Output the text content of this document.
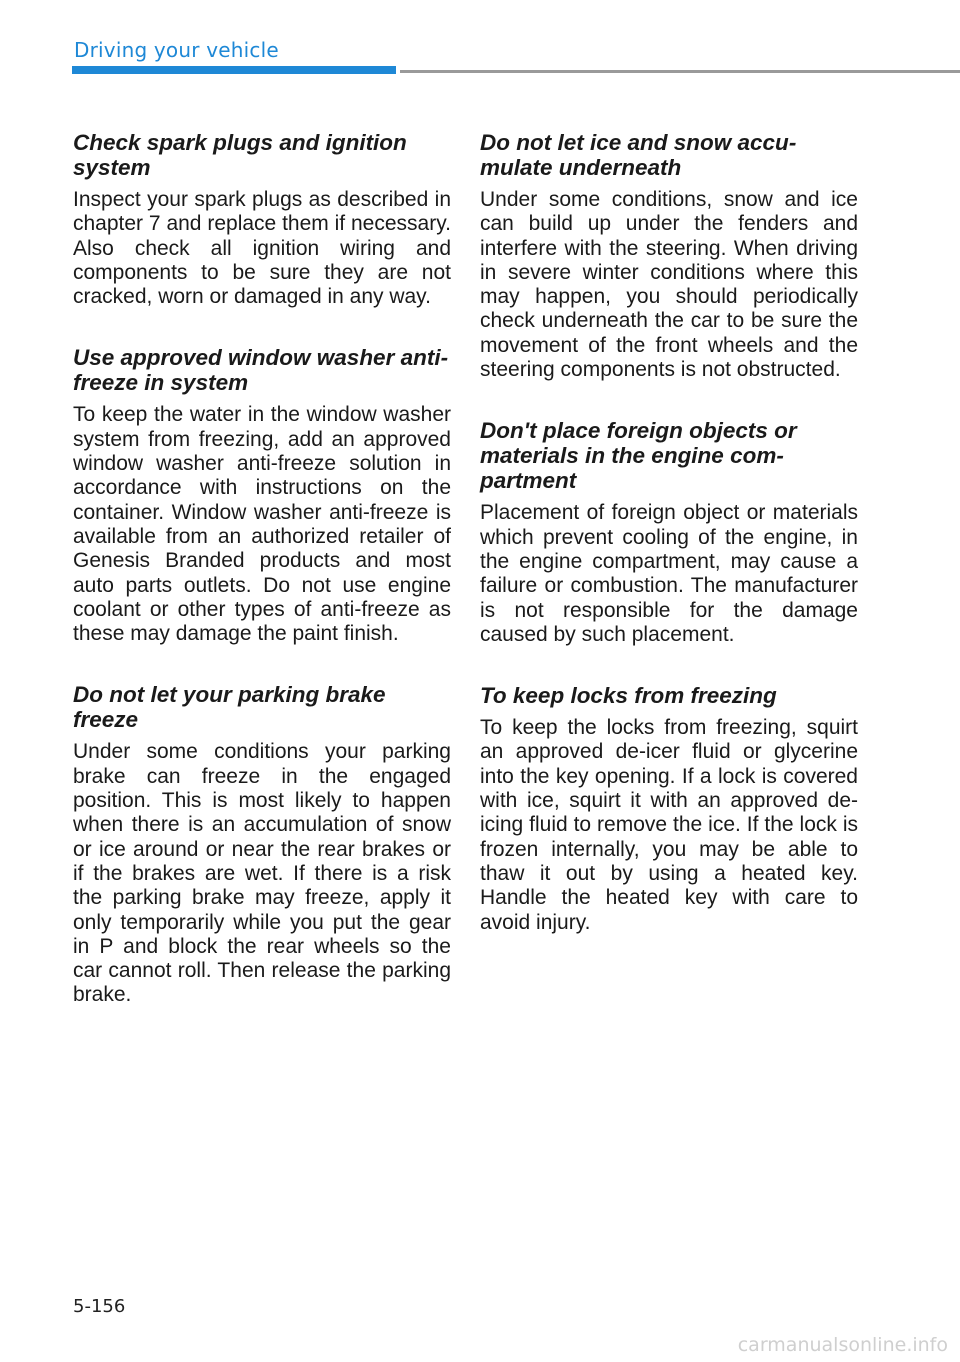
Driving your vehicle
Check spark plugs and ignition system

Inspect your spark plugs as described in chapter 7 and replace them if necessary. Also check all ignition wiring and components to be sure they are not cracked, worn or damaged in any way.

Use approved window washer anti-freeze in system

To keep the water in the window washer system from freezing, add an approved window washer anti-freeze solution in accordance with instructions on the container. Window washer anti-freeze is available from an authorized retailer of Genesis Branded products and most auto parts outlets. Do not use engine coolant or other types of anti-freeze as these may damage the paint finish.

Do not let your parking brake freeze

Under some conditions your parking brake can freeze in the engaged position. This is most likely to happen when there is an accumulation of snow or ice around or near the rear brakes or if the brakes are wet. If there is a risk the parking brake may freeze, apply it only temporarily while you put the gear in P and block the rear wheels so the car cannot roll. Then release the parking brake.

Do not let ice and snow accumulate underneath

Under some conditions, snow and ice can build up under the fenders and interfere with the steering. When driving in severe winter conditions where this may happen, you should periodically check underneath the car to be sure the movement of the front wheels and the steering components is not obstructed.

Don't place foreign objects or materials in the engine compartment

Placement of foreign object or materials which prevent cooling of the engine, in the engine compartment, may cause a failure or combustion. The manufacturer is not responsible for the damage caused by such placement.

To keep locks from freezing

To keep the locks from freezing, squirt an approved de-icer fluid or glycerine into the key opening. If a lock is covered with ice, squirt it with an approved de-icing fluid to remove the ice. If the lock is frozen internally, you may be able to thaw it out by using a heated key. Handle the heated key with care to avoid injury.

5-156
carmanualsonline.info
